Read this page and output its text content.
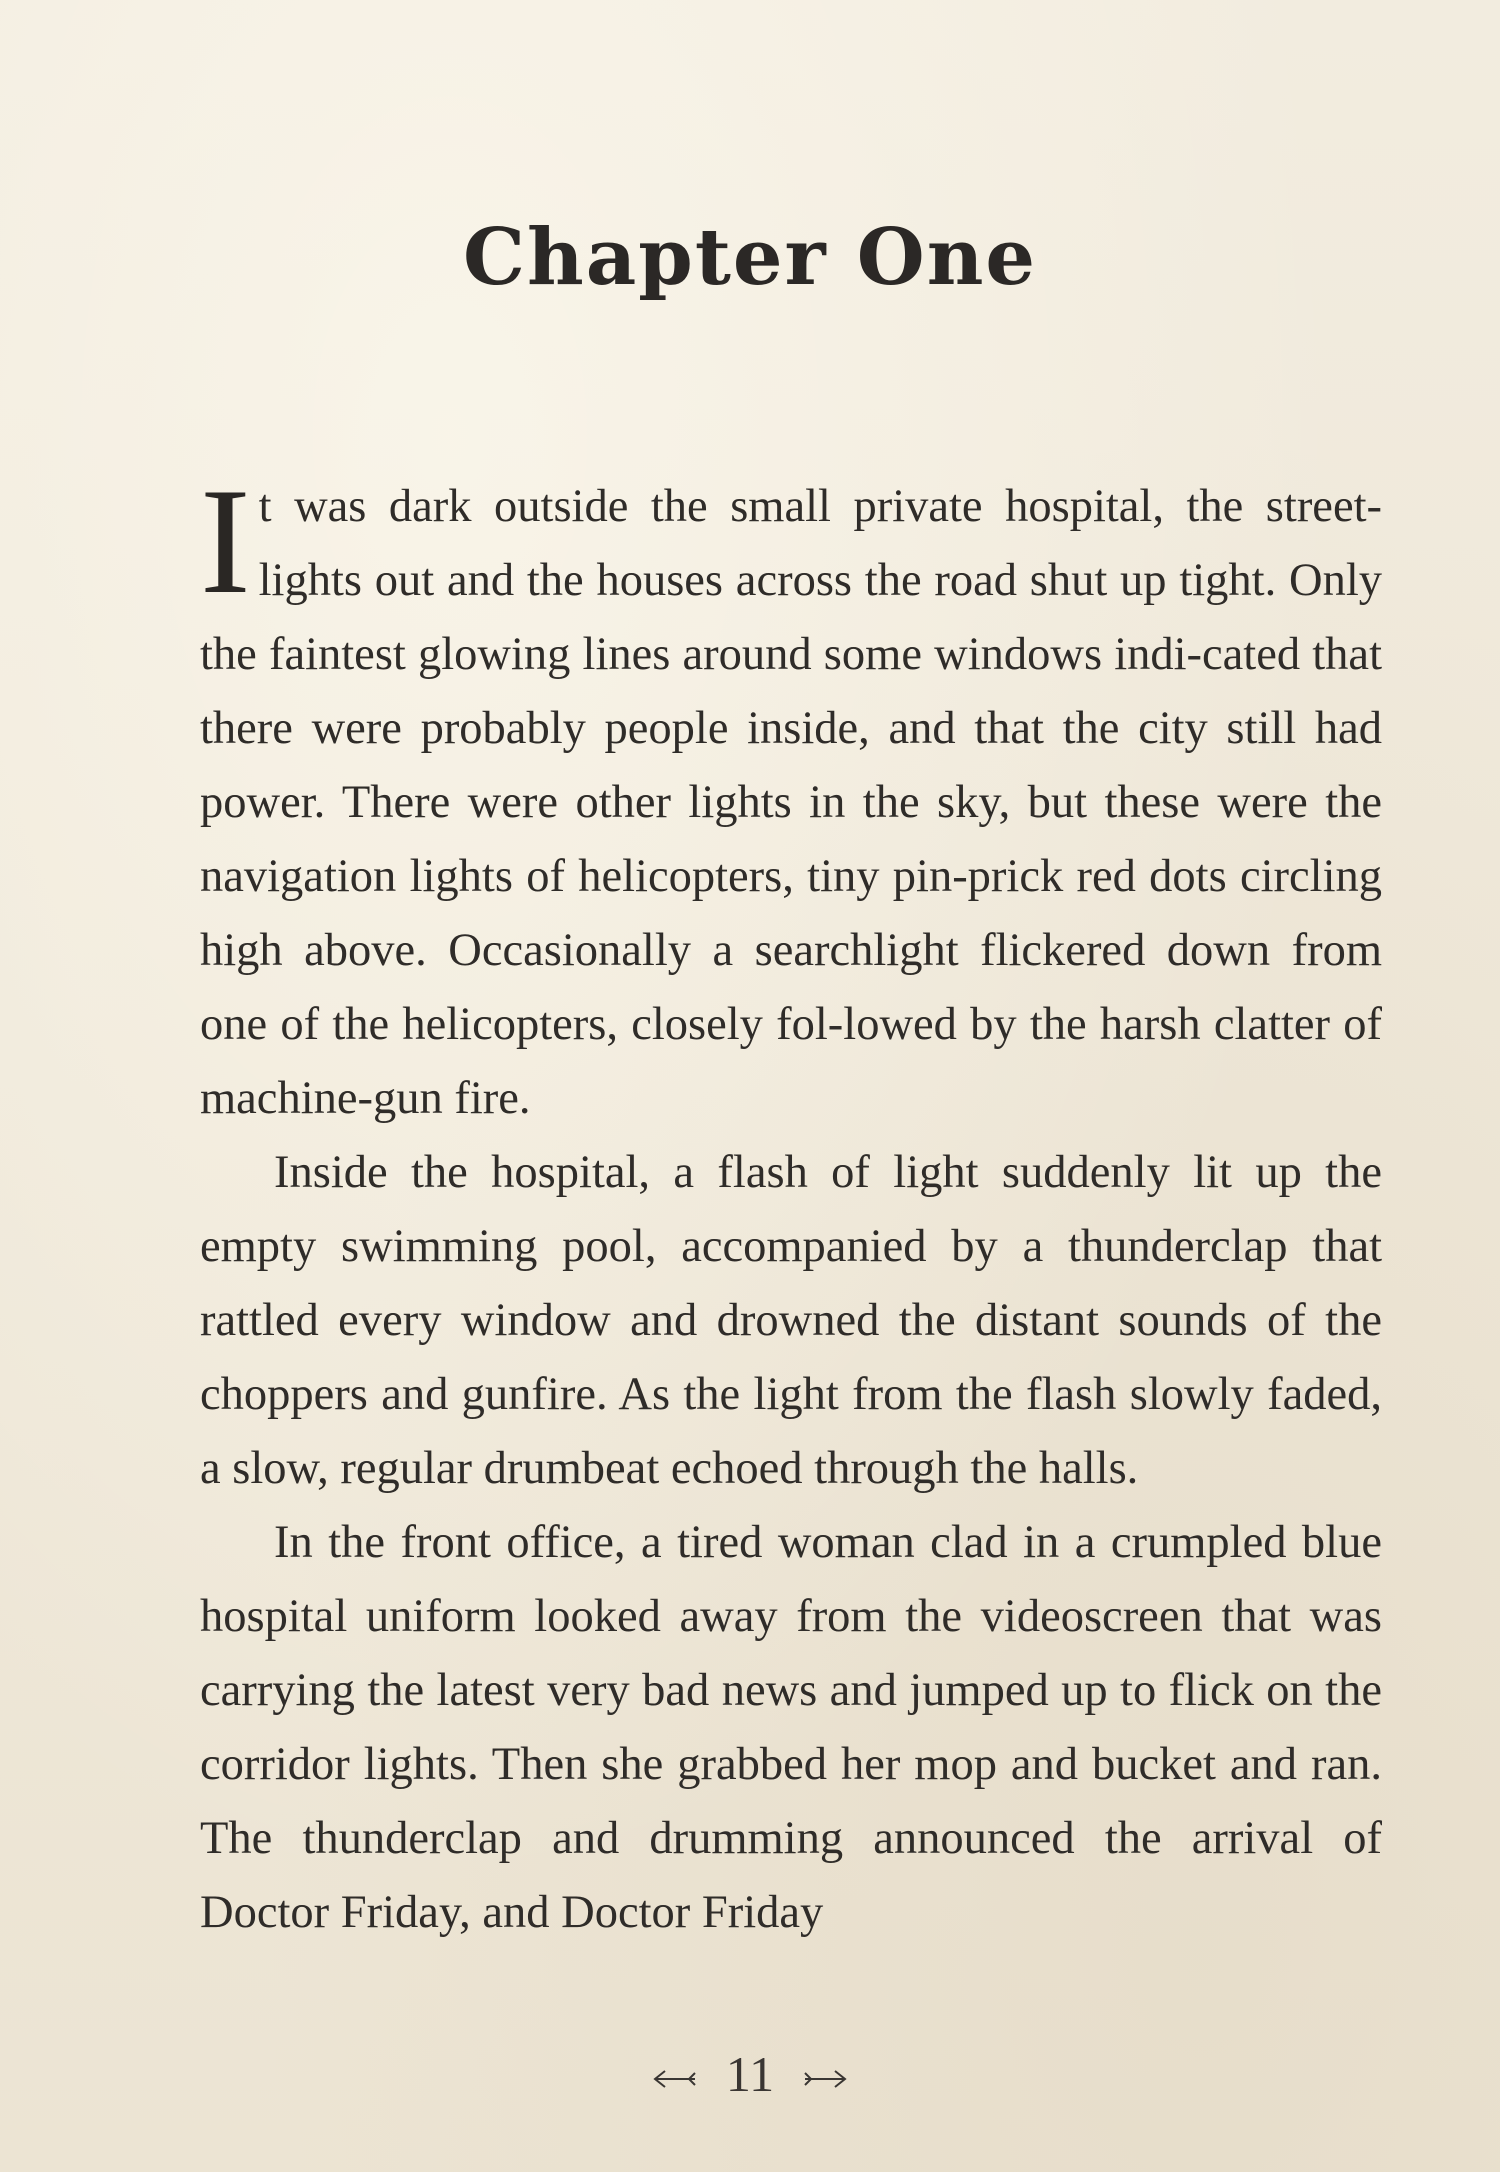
Chapter One

It was dark outside the small private hospital, the street-lights out and the houses across the road shut up tight. Only the faintest glowing lines around some windows indi-cated that there were probably people inside, and that the city still had power. There were other lights in the sky, but these were the navigation lights of helicopters, tiny pin-prick red dots circling high above. Occasionally a searchlight flickered down from one of the helicopters, closely fol-lowed by the harsh clatter of machine-gun fire.

Inside the hospital, a flash of light suddenly lit up the empty swimming pool, accompanied by a thunderclap that rattled every window and drowned the distant sounds of the choppers and gunfire. As the light from the flash slowly faded, a slow, regular drumbeat echoed through the halls.

In the front office, a tired woman clad in a crumpled blue hospital uniform looked away from the videoscreen that was carrying the latest very bad news and jumped up to flick on the corridor lights. Then she grabbed her mop and bucket and ran. The thunderclap and drumming announced the arrival of Doctor Friday, and Doctor Friday

11
